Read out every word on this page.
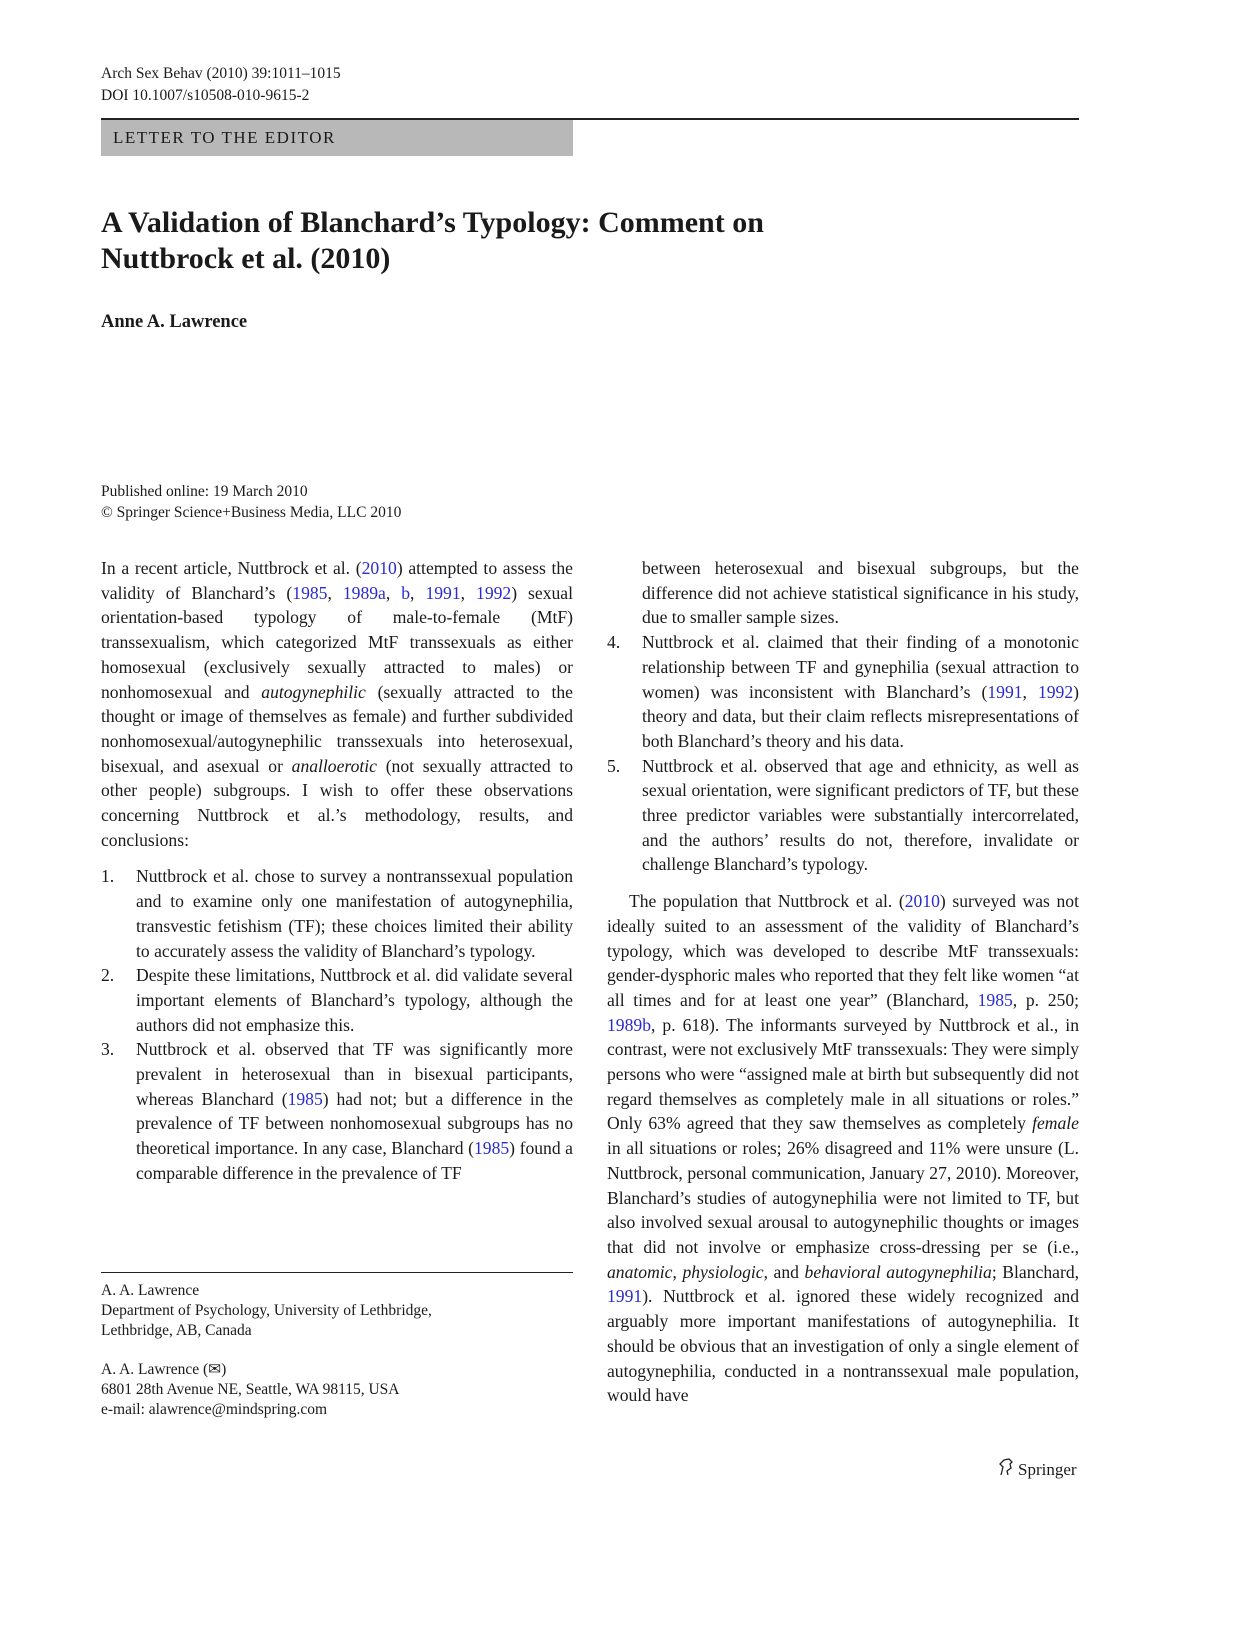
Arch Sex Behav (2010) 39:1011–1015
DOI 10.1007/s10508-010-9615-2
LETTER TO THE EDITOR
A Validation of Blanchard’s Typology: Comment on Nuttbrock et al. (2010)
Anne A. Lawrence
Published online: 19 March 2010
© Springer Science+Business Media, LLC 2010

In a recent article, Nuttbrock et al. (2010) attempted to assess the validity of Blanchard’s (1985, 1989a, b, 1991, 1992) sexual orientation-based typology of male-to-female (MtF) transsexualism, which categorized MtF transsexuals as either homosexual (exclusively sexually attracted to males) or nonhomosexual and autogynephilic (sexually attracted to the thought or image of themselves as female) and further subdivided nonhomosexual/autogynephilic transsexuals into heterosexual, bisexual, and asexual or analloerotic (not sexually attracted to other people) subgroups. I wish to offer these observations concerning Nuttbrock et al.’s methodology, results, and conclusions:

1. Nuttbrock et al. chose to survey a nontranssexual population and to examine only one manifestation of autogynephilia, transvestic fetishism (TF); these choices limited their ability to accurately assess the validity of Blanchard’s typology.

2. Despite these limitations, Nuttbrock et al. did validate several important elements of Blanchard’s typology, although the authors did not emphasize this.

3. Nuttbrock et al. observed that TF was significantly more prevalent in heterosexual than in bisexual participants, whereas Blanchard (1985) had not; but a difference in the prevalence of TF between nonhomosexual subgroups has no theoretical importance. In any case, Blanchard (1985) found a comparable difference in the prevalence of TF

between heterosexual and bisexual subgroups, but the difference did not achieve statistical significance in his study, due to smaller sample sizes.

4. Nuttbrock et al. claimed that their finding of a monotonic relationship between TF and gynephilia (sexual attraction to women) was inconsistent with Blanchard’s (1991, 1992) theory and data, but their claim reflects misrepresentations of both Blanchard’s theory and his data.

5. Nuttbrock et al. observed that age and ethnicity, as well as sexual orientation, were significant predictors of TF, but these three predictor variables were substantially intercorrelated, and the authors’ results do not, therefore, invalidate or challenge Blanchard’s typology.

The population that Nuttbrock et al. (2010) surveyed was not ideally suited to an assessment of the validity of Blanchard’s typology, which was developed to describe MtF transsexuals: gender-dysphoric males who reported that they felt like women “at all times and for at least one year” (Blanchard, 1985, p. 250; 1989b, p. 618). The informants surveyed by Nuttbrock et al., in contrast, were not exclusively MtF transsexuals: They were simply persons who were “assigned male at birth but subsequently did not regard themselves as completely male in all situations or roles.” Only 63% agreed that they saw themselves as completely female in all situations or roles; 26% disagreed and 11% were unsure (L. Nuttbrock, personal communication, January 27, 2010). Moreover, Blanchard’s studies of autogynephilia were not limited to TF, but also involved sexual arousal to autogynephilic thoughts or images that did not involve or emphasize cross-dressing per se (i.e., anatomic, physiologic, and behavioral autogynephilia; Blanchard, 1991). Nuttbrock et al. ignored these widely recognized and arguably more important manifestations of autogynephilia. It should be obvious that an investigation of only a single element of autogynephilia, conducted in a nontranssexual male population, would have

A. A. Lawrence
Department of Psychology, University of Lethbridge,
Lethbridge, AB, Canada
A. A. Lawrence (✉)
6801 28th Avenue NE, Seattle, WA 98115, USA
e-mail: alawrence@mindspring.com
Springer
